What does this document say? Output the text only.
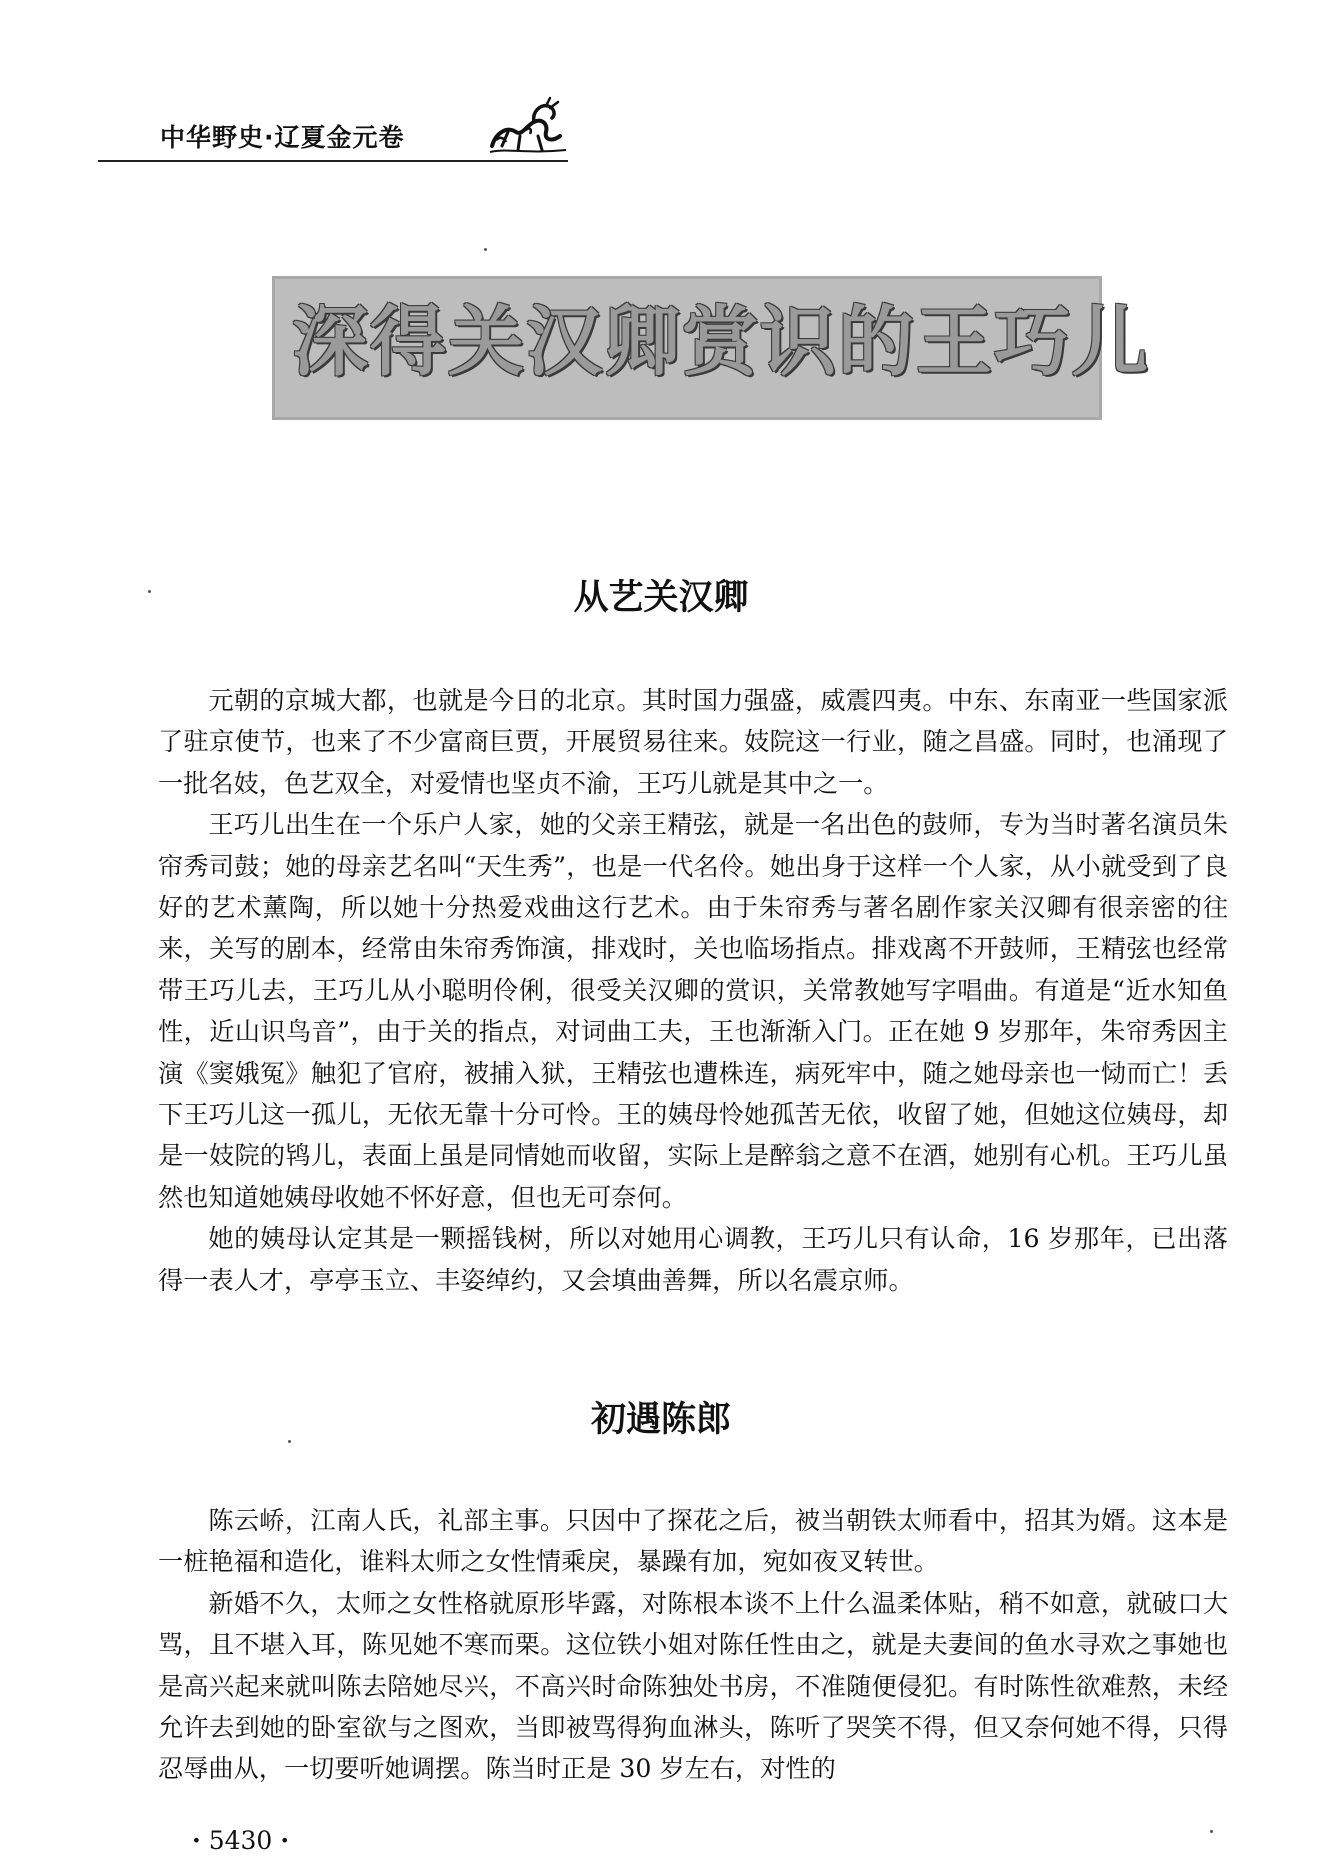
中华野史·辽夏金元卷
深得关汉卿赏识的王巧儿
从艺关汉卿

元朝的京城大都，也就是今日的北京。其时国力强盛，威震四夷。中东、东南亚一些国家派了驻京使节，也来了不少富商巨贾，开展贸易往来。妓院这一行业，随之昌盛。同时，也涌现了一批名妓，色艺双全，对爱情也坚贞不渝，王巧儿就是其中之一。

王巧儿出生在一个乐户人家，她的父亲王精弦，就是一名出色的鼓师，专为当时著名演员朱帘秀司鼓；她的母亲艺名叫“天生秀”，也是一代名伶。她出身于这样一个人家，从小就受到了良好的艺术薰陶，所以她十分热爱戏曲这行艺术。由于朱帘秀与著名剧作家关汉卿有很亲密的往来，关写的剧本，经常由朱帘秀饰演，排戏时，关也临场指点。排戏离不开鼓师，王精弦也经常带王巧儿去，王巧儿从小聪明伶俐，很受关汉卿的赏识，关常教她写字唱曲。有道是“近水知鱼性，近山识鸟音”，由于关的指点，对词曲工夫，王也渐渐入门。正在她 9 岁那年，朱帘秀因主演《窦娥冤》触犯了官府，被捕入狱，王精弦也遭株连，病死牢中，随之她母亲也一恸而亡！丢下王巧儿这一孤儿，无依无靠十分可怜。王的姨母怜她孤苦无依，收留了她，但她这位姨母，却是一妓院的鸨儿，表面上虽是同情她而收留，实际上是醉翁之意不在酒，她别有心机。王巧儿虽然也知道她姨母收她不怀好意，但也无可奈何。

她的姨母认定其是一颗摇钱树，所以对她用心调教，王巧儿只有认命，16 岁那年，已出落得一表人才，亭亭玉立、丰姿绰约，又会填曲善舞，所以名震京师。

初遇陈郎

陈云峤，江南人氏，礼部主事。只因中了探花之后，被当朝铁太师看中，招其为婿。这本是一桩艳福和造化，谁料太师之女性情乘戾，暴躁有加，宛如夜叉转世。

新婚不久，太师之女性格就原形毕露，对陈根本谈不上什么温柔体贴，稍不如意，就破口大骂，且不堪入耳，陈见她不寒而栗。这位铁小姐对陈任性由之，就是夫妻间的鱼水寻欢之事她也是高兴起来就叫陈去陪她尽兴，不高兴时命陈独处书房，不准随便侵犯。有时陈性欲难熬，未经允许去到她的卧室欲与之图欢，当即被骂得狗血淋头，陈听了哭笑不得，但又奈何她不得，只得忍辱曲从，一切要听她调摆。陈当时正是 30 岁左右，对性的

· 5430 ·
